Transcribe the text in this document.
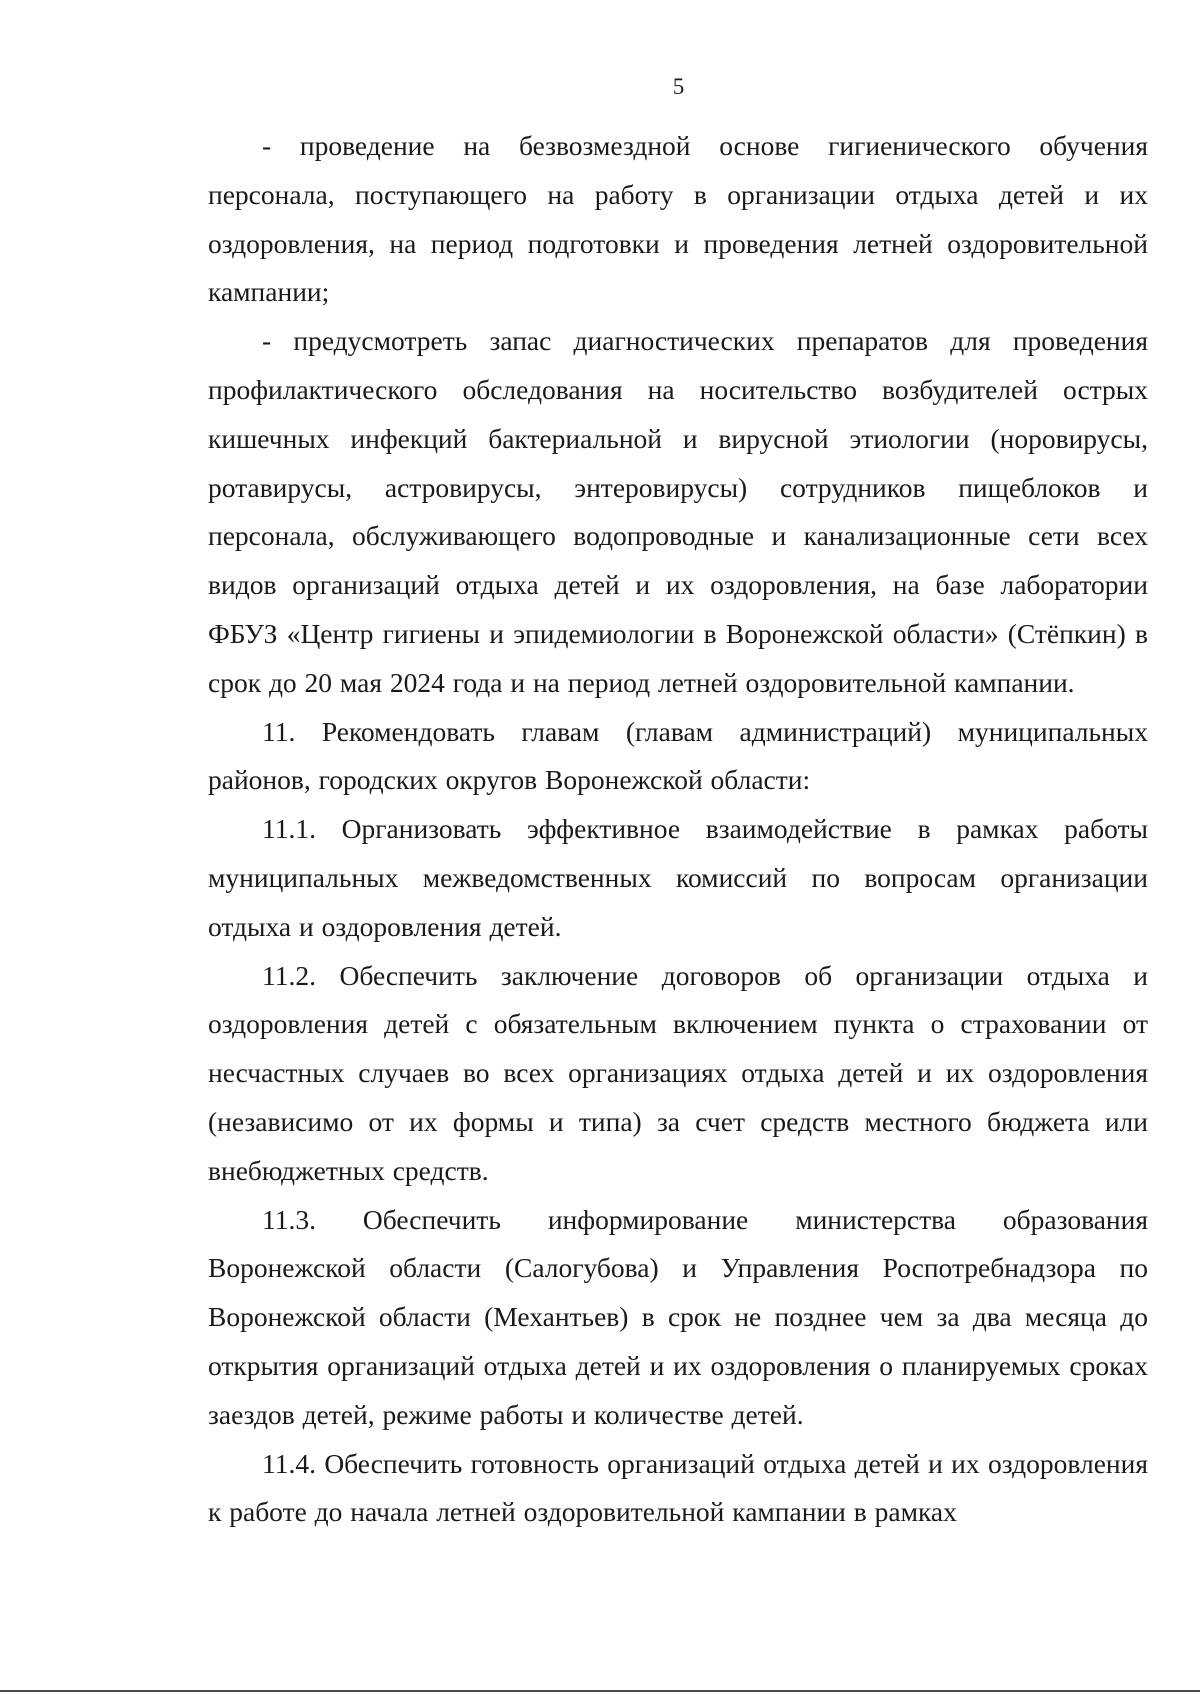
5

- проведение на безвозмездной основе гигиенического обучения персонала, поступающего на работу в организации отдыха детей и их оздоровления, на период подготовки и проведения летней оздоровительной кампании;

- предусмотреть запас диагностических препаратов для проведения профилактического обследования на носительство возбудителей острых кишечных инфекций бактериальной и вирусной этиологии (норовирусы, ротавирусы, астровирусы, энтеровирусы) сотрудников пищеблоков и персонала, обслуживающего водопроводные и канализационные сети всех видов организаций отдыха детей и их оздоровления, на базе лаборатории ФБУЗ «Центр гигиены и эпидемиологии в Воронежской области» (Стёпкин) в срок до 20 мая 2024 года и на период летней оздоровительной кампании.

11. Рекомендовать главам (главам администраций) муниципальных районов, городских округов Воронежской области:

11.1. Организовать эффективное взаимодействие в рамках работы муниципальных межведомственных комиссий по вопросам организации отдыха и оздоровления детей.

11.2. Обеспечить заключение договоров об организации отдыха и оздоровления детей с обязательным включением пункта о страховании от несчастных случаев во всех организациях отдыха детей и их оздоровления (независимо от их формы и типа) за счет средств местного бюджета или внебюджетных средств.

11.3. Обеспечить информирование министерства образования Воронежской области (Салогубова) и Управления Роспотребнадзора по Воронежской области (Механтьев) в срок не позднее чем за два месяца до открытия организаций отдыха детей и их оздоровления о планируемых сроках заездов детей, режиме работы и количестве детей.

11.4. Обеспечить готовность организаций отдыха детей и их оздоровления к работе до начала летней оздоровительной кампании в рамках
